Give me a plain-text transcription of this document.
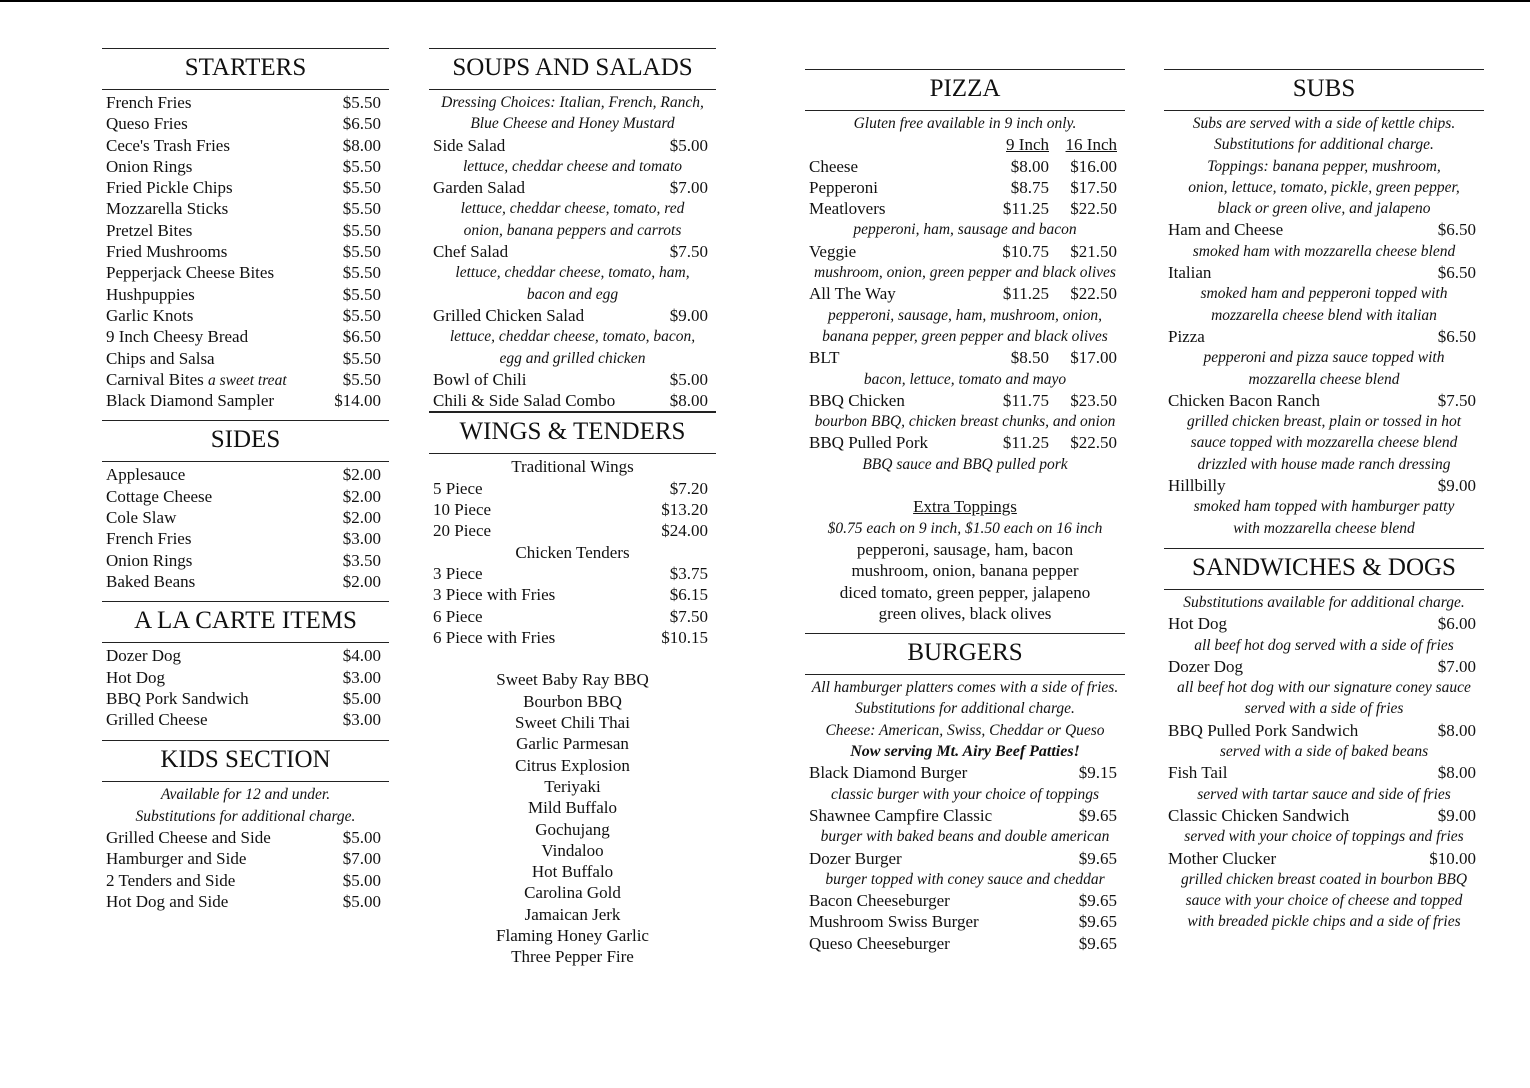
STARTERS
French Fries	$5.50
Queso Fries	$6.50
Cece's Trash Fries	$8.00
Onion Rings	$5.50
Fried Pickle Chips	$5.50
Mozzarella Sticks	$5.50
Pretzel Bites	$5.50
Fried Mushrooms	$5.50
Pepperjack Cheese Bites	$5.50
Hushpuppies	$5.50
Garlic Knots	$5.50
9 Inch Cheesy Bread	$6.50
Chips and Salsa	$5.50
Carnival Bites a sweet treat	$5.50
Black Diamond Sampler	$14.00
SIDES
Applesauce	$2.00
Cottage Cheese	$2.00
Cole Slaw	$2.00
French Fries	$3.00
Onion Rings	$3.50
Baked Beans	$2.00
A LA CARTE ITEMS
Dozer Dog	$4.00
Hot Dog	$3.00
BBQ Pork Sandwich	$5.00
Grilled Cheese	$3.00
KIDS SECTION
Available for 12 and under.
Substitutions for additional charge.
Grilled Cheese and Side	$5.00
Hamburger and Side	$7.00
2 Tenders and Side	$5.00
Hot Dog and Side	$5.00
SOUPS AND SALADS
Dressing Choices: Italian, French, Ranch,
Blue Cheese and Honey Mustard
Side Salad	$5.00
lettuce, cheddar cheese and tomato
Garden Salad	$7.00
lettuce, cheddar cheese, tomato, red
onion, banana peppers and carrots
Chef Salad	$7.50
lettuce, cheddar cheese, tomato, ham,
bacon and egg
Grilled Chicken Salad	$9.00
lettuce, cheddar cheese, tomato, bacon,
egg and grilled chicken
Bowl of Chili	$5.00
Chili & Side Salad Combo	$8.00
WINGS & TENDERS
Traditional Wings
5 Piece	$7.20
10 Piece	$13.20
20 Piece	$24.00
Chicken Tenders
3 Piece	$3.75
3 Piece with Fries	$6.15
6 Piece	$7.50
6 Piece with Fries	$10.15
Sweet Baby Ray BBQ
Bourbon BBQ
Sweet Chili Thai
Garlic Parmesan
Citrus Explosion
Teriyaki
Mild Buffalo
Gochujang
Vindaloo
Hot Buffalo
Carolina Gold
Jamaican Jerk
Flaming Honey Garlic
Three Pepper Fire
PIZZA
Gluten free available in 9 inch only.
9 Inch 16 Inch
Cheese	$8.00	$16.00
Pepperoni	$8.75	$17.50
Meatlovers	$11.25	$22.50
pepperoni, ham, sausage and bacon
Veggie	$10.75	$21.50
mushroom, onion, green pepper and black olives
All The Way	$11.25	$22.50
pepperoni, sausage, ham, mushroom, onion,
banana pepper, green pepper and black olives
BLT	$8.50	$17.00
bacon, lettuce, tomato and mayo
BBQ Chicken	$11.75	$23.50
bourbon BBQ, chicken breast chunks, and onion
BBQ Pulled Pork	$11.25	$22.50
BBQ sauce and BBQ pulled pork
Extra Toppings
$0.75 each on 9 inch, $1.50 each on 16 inch
pepperoni, sausage, ham, bacon
mushroom, onion, banana pepper
diced tomato, green pepper, jalapeno
green olives, black olives
BURGERS
All hamburger platters comes with a side of fries.
Substitutions for additional charge.
Cheese: American, Swiss, Cheddar or Queso
Now serving Mt. Airy Beef Patties!
Black Diamond Burger	$9.15
classic burger with your choice of toppings
Shawnee Campfire Classic	$9.65
burger with baked beans and double american
Dozer Burger	$9.65
burger topped with coney sauce and cheddar
Bacon Cheeseburger	$9.65
Mushroom Swiss Burger	$9.65
Queso Cheeseburger	$9.65
SUBS
Subs are served with a side of kettle chips.
Substitutions for additional charge.
Toppings: banana pepper, mushroom,
onion, lettuce, tomato, pickle, green pepper,
black or green olive, and jalapeno
Ham and Cheese	$6.50
smoked ham with mozzarella cheese blend
Italian	$6.50
smoked ham and pepperoni topped with
mozzarella cheese blend with italian
Pizza	$6.50
pepperoni and pizza sauce topped with
mozzarella cheese blend
Chicken Bacon Ranch	$7.50
grilled chicken breast, plain or tossed in hot
sauce topped with mozzarella cheese blend
drizzled with house made ranch dressing
Hillbilly	$9.00
smoked ham topped with hamburger patty
with mozzarella cheese blend
SANDWICHES & DOGS
Substitutions available for additional charge.
Hot Dog	$6.00
all beef hot dog served with a side of fries
Dozer Dog	$7.00
all beef hot dog with our signature coney sauce
served with a side of fries
BBQ Pulled Pork Sandwich	$8.00
served with a side of baked beans
Fish Tail	$8.00
served with tartar sauce and side of fries
Classic Chicken Sandwich	$9.00
served with your choice of toppings and fries
Mother Clucker	$10.00
grilled chicken breast coated in bourbon BBQ
sauce with your choice of cheese and topped
with breaded pickle chips and a side of fries
